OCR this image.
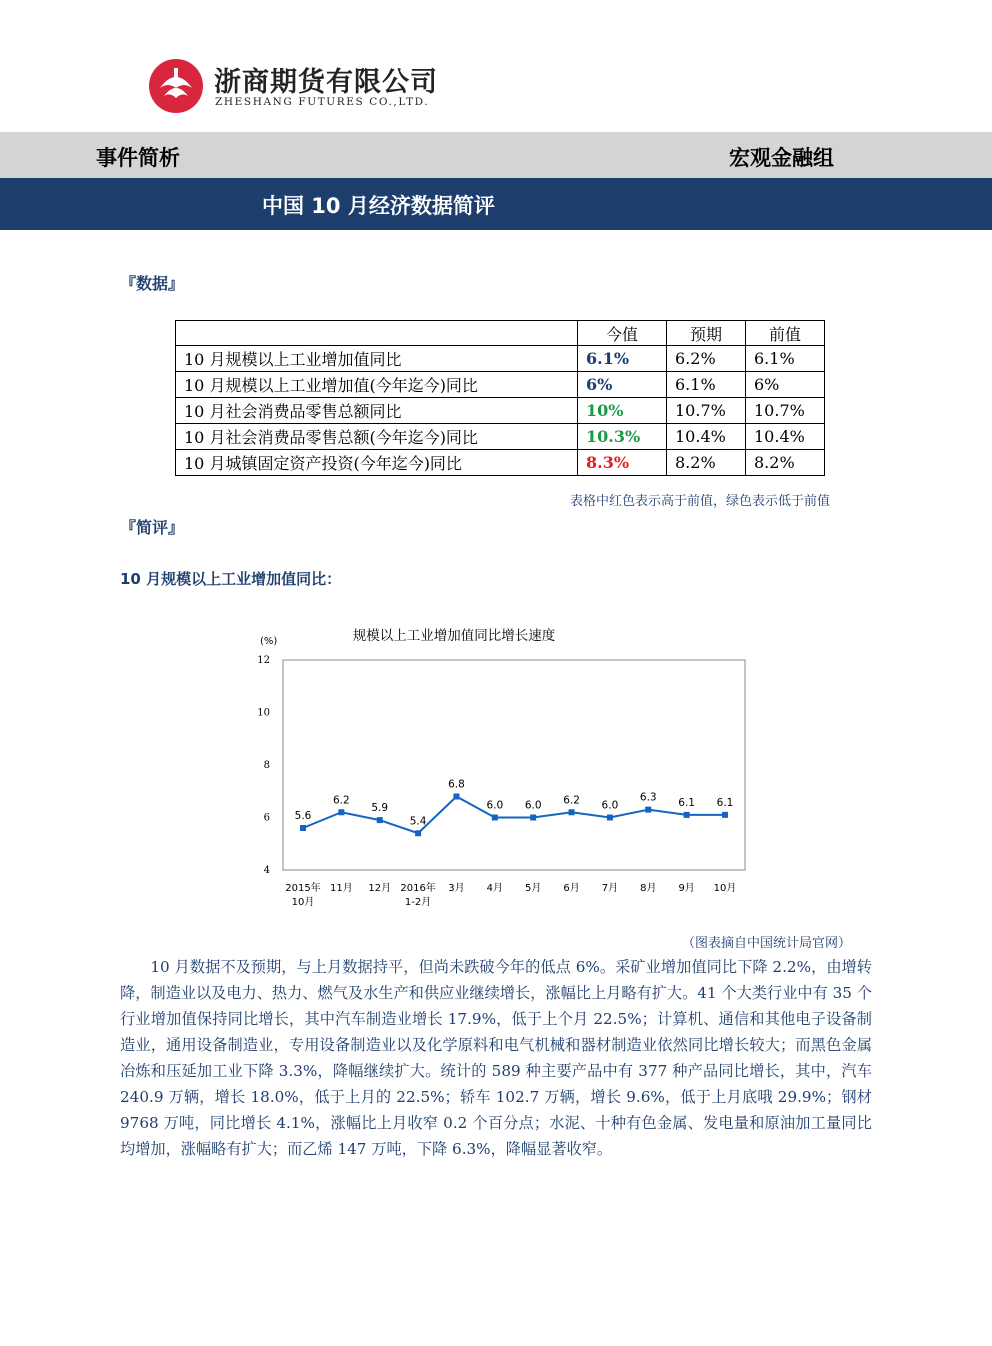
浙商期货有限公司
ZHESHANG FUTURES CO.,LTD.
事件简析	宏观金融组
中国 10 月经济数据简评
『数据』
	今值	预期	前值
10 月规模以上工业增加值同比	6.1%	6.2%	6.1%
10 月规模以上工业增加值(今年迄今)同比	6%	6.1%	6%
10 月社会消费品零售总额同比	10%	10.7%	10.7%
10 月社会消费品零售总额(今年迄今)同比	10.3%	10.4%	10.4%
10 月城镇固定资产投资(今年迄今)同比	8.3%	8.2%	8.2%
表格中红色表示高于前值，绿色表示低于前值
『简评』
10 月规模以上工业增加值同比：
规模以上工业增加值同比增长速度
(%)
12
10
8
6
4
5.6
6.2
5.9
5.4
6.8
6.0 6.0 6.2 6.0
6.3 6.1 6.1
2015年 10月
11月 12月 2016年 1-2月
3月 4月 5月 6月 7月 8月 9月 10月
（图表摘自中国统计局官网）
10 月数据不及预期，与上月数据持平，但尚未跌破今年的低点 6%。采矿业增加值同比下降 2.2%，由增转降，制造业以及电力、热力、燃气及水生产和供应业继续增长，涨幅比上月略有扩大。41 个大类行业中有 35 个行业增加值保持同比增长，其中汽车制造业增长 17.9%，低于上个月 22.5%；计算机、通信和其他电子设备制造业，通用设备制造业，专用设备制造业以及化学原料和电气机械和器材制造业依然同比增长较大；而黑色金属冶炼和压延加工业下降 3.3%，降幅继续扩大。统计的 589 种主要产品中有 377 种产品同比增长，其中，汽车 240.9 万辆，增长 18.0%，低于上月的 22.5%；轿车 102.7 万辆，增长 9.6%，低于上月底哦 29.9%；钢材 9768 万吨，同比增长 4.1%，涨幅比上月收窄 0.2 个百分点；水泥、十种有色金属、发电量和原油加工量同比均增加，涨幅略有扩大；而乙烯 147 万吨，下降 6.3%，降幅显著收窄。
